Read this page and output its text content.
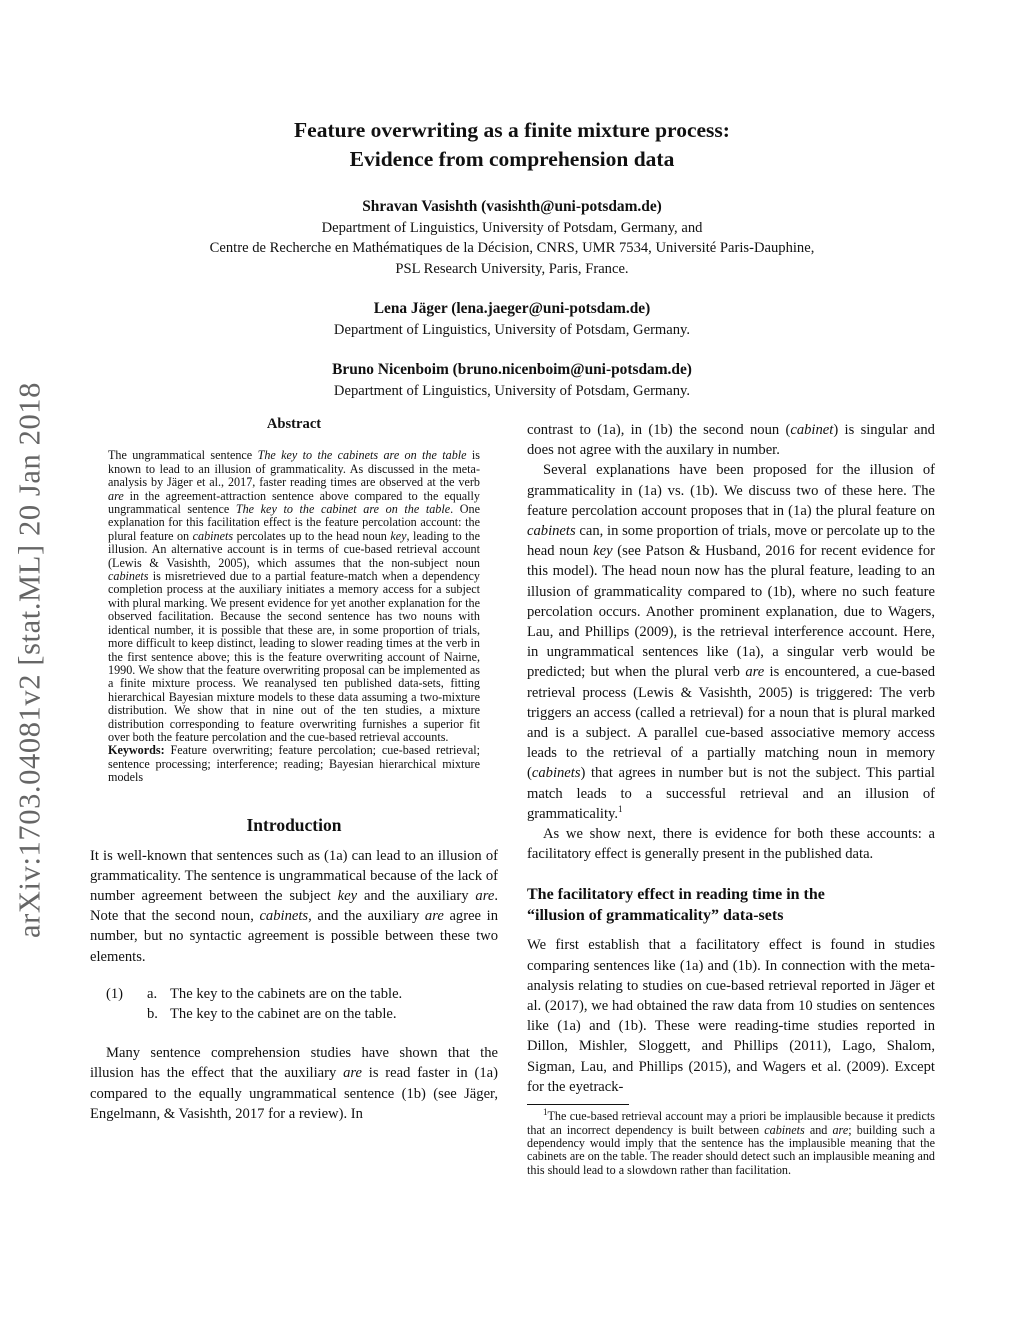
arXiv:1703.04081v2 [stat.ML] 20 Jan 2018
Feature overwriting as a finite mixture process:
Evidence from comprehension data
Shravan Vasishth (vasishth@uni-potsdam.de)
Department of Linguistics, University of Potsdam, Germany, and
Centre de Recherche en Mathématiques de la Décision, CNRS, UMR 7534, Université Paris-Dauphine,
PSL Research University, Paris, France.
Lena Jäger (lena.jaeger@uni-potsdam.de)
Department of Linguistics, University of Potsdam, Germany.
Bruno Nicenboim (bruno.nicenboim@uni-potsdam.de)
Department of Linguistics, University of Potsdam, Germany.
Abstract

The ungrammatical sentence The key to the cabinets are on the table is known to lead to an illusion of grammaticality. As discussed in the meta-analysis by Jäger et al., 2017, faster reading times are observed at the verb are in the agreement-attraction sentence above compared to the equally ungrammatical sentence The key to the cabinet are on the table. One explanation for this facilitation effect is the feature percolation account: the plural feature on cabinets percolates up to the head noun key, leading to the illusion. An alternative account is in terms of cue-based retrieval account (Lewis & Vasishth, 2005), which assumes that the non-subject noun cabinets is misretrieved due to a partial feature-match when a dependency completion process at the auxiliary initiates a memory access for a subject with plural marking. We present evidence for yet another explanation for the observed facilitation. Because the second sentence has two nouns with identical number, it is possible that these are, in some proportion of trials, more difficult to keep distinct, leading to slower reading times at the verb in the first sentence above; this is the feature overwriting account of Nairne, 1990. We show that the feature overwriting proposal can be implemented as a finite mixture process. We reanalysed ten published data-sets, fitting hierarchical Bayesian mixture models to these data assuming a two-mixture distribution. We show that in nine out of the ten studies, a mixture distribution corresponding to feature overwriting furnishes a superior fit over both the feature percolation and the cue-based retrieval accounts.

Keywords: Feature overwriting; feature percolation; cue-based retrieval; sentence processing; interference; reading; Bayesian hierarchical mixture models

Introduction

It is well-known that sentences such as (1a) can lead to an illusion of grammaticality. The sentence is ungrammatical because of the lack of number agreement between the subject key and the auxiliary are. Note that the second noun, cabinets, and the auxiliary are agree in number, but no syntactic agreement is possible between these two elements.

(1)	a. The key to the cabinets are on the table.
b. The key to the cabinet are on the table.

Many sentence comprehension studies have shown that the illusion has the effect that the auxiliary are is read faster in (1a) compared to the equally ungrammatical sentence (1b) (see Jäger, Engelmann, & Vasishth, 2017 for a review). In

contrast to (1a), in (1b) the second noun (cabinet) is singular and does not agree with the auxilary in number.

Several explanations have been proposed for the illusion of grammaticality in (1a) vs. (1b). We discuss two of these here. The feature percolation account proposes that in (1a) the plural feature on cabinets can, in some proportion of trials, move or percolate up to the head noun key (see Patson & Husband, 2016 for recent evidence for this model). The head noun now has the plural feature, leading to an illusion of grammaticality compared to (1b), where no such feature percolation occurs. Another prominent explanation, due to Wagers, Lau, and Phillips (2009), is the retrieval interference account. Here, in ungrammatical sentences like (1a), a singular verb would be predicted; but when the plural verb are is encountered, a cue-based retrieval process (Lewis & Vasishth, 2005) is triggered: The verb triggers an access (called a retrieval) for a noun that is plural marked and is a subject. A parallel cue-based associative memory access leads to the retrieval of a partially matching noun in memory (cabinets) that agrees in number but is not the subject. This partial match leads to a successful retrieval and an illusion of grammaticality.$^1$

As we show next, there is evidence for both these accounts: a facilitatory effect is generally present in the published data.

The facilitatory effect in reading time in the
“illusion of grammaticality” data-sets

We first establish that a facilitatory effect is found in studies comparing sentences like (1a) and (1b). In connection with the meta-analysis relating to studies on cue-based retrieval reported in Jäger et al. (2017), we had obtained the raw data from 10 studies on sentences like (1a) and (1b). These were reading-time studies reported in Dillon, Mishler, Sloggett, and Phillips (2011), Lago, Shalom, Sigman, Lau, and Phillips (2015), and Wagers et al. (2009). Except for the eyetrack-

$^1$The cue-based retrieval account may a priori be implausible because it predicts that an incorrect dependency is built between cabinets and are; building such a dependency would imply that the sentence has the implausible meaning that the cabinets are on the table. The reader should detect such an implausible meaning and this should lead to a slowdown rather than facilitation.
